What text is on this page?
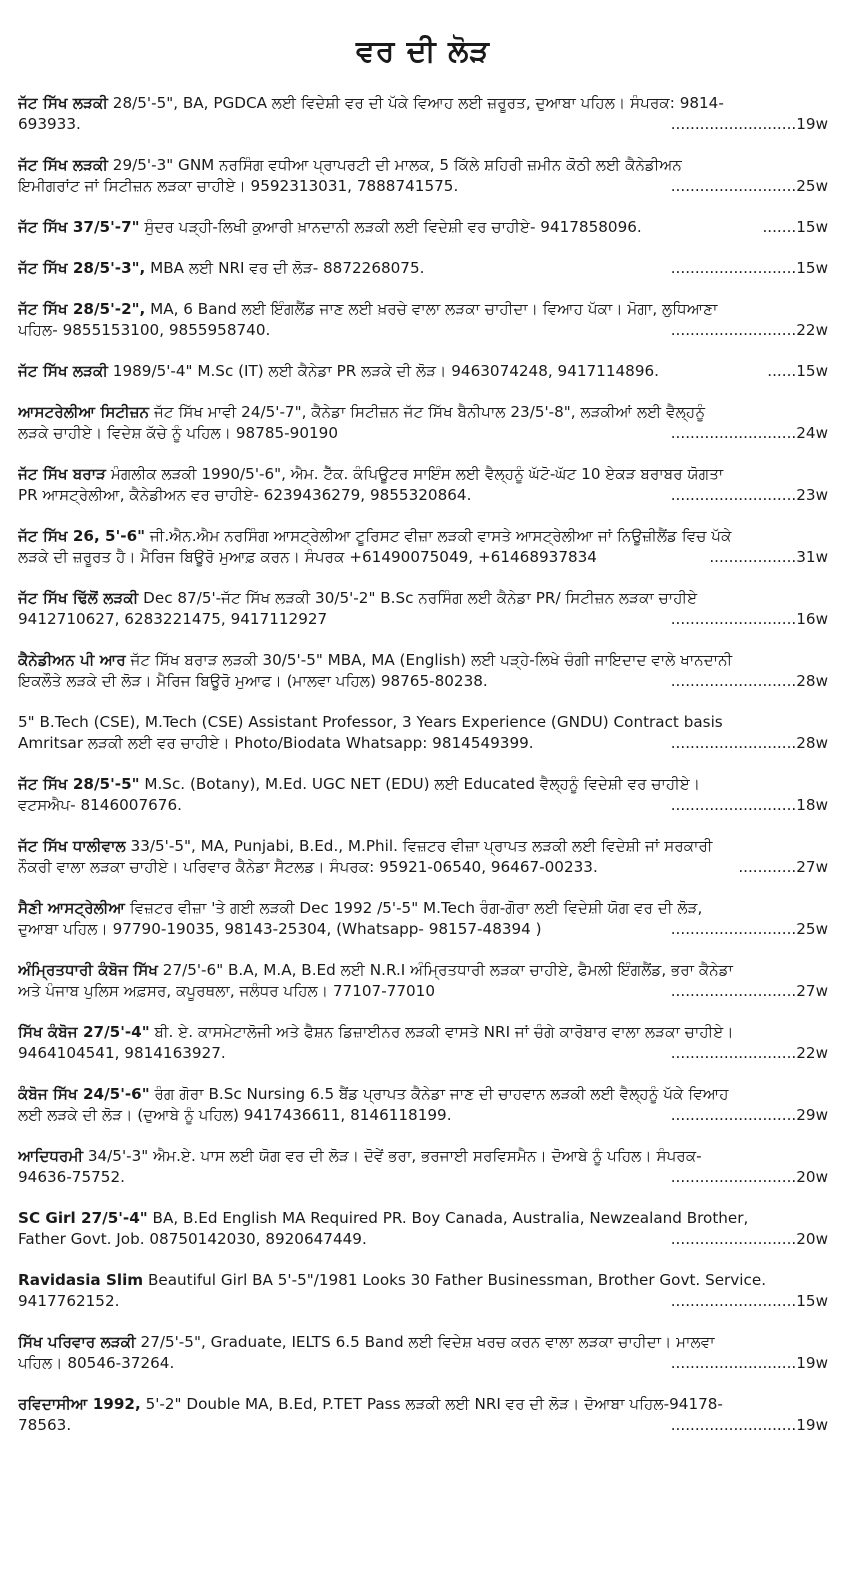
ਵਰ ਦੀ ਲੋੜ
ਜੱਟ ਸਿੱਖ ਲੜਕੀ 28/5'-5", BA, PGDCA ਲਈ ਵਿਦੇਸ਼ੀ ਵਰ ਦੀ ਪੱਕੇ ਵਿਆਹ ਲਈ ਜ਼ਰੂਰਤ, ਦੁਆਬਾ ਪਹਿਲ। ਸੰਪਰਕ: 9814-
693933.	..........................19w
ਜੱਟ ਸਿੱਖ ਲੜਕੀ 29/5'-3" GNM ਨਰਸਿੰਗ ਵਧੀਆ ਪ੍ਰਾਪਰਟੀ ਦੀ ਮਾਲਕ, 5 ਕਿੱਲੇ ਸ਼ਹਿਰੀ ਜ਼ਮੀਨ ਕੋਠੀ ਲਈ ਕੈਨੇਡੀਅਨ
ਇਮੀਗਰਾਂਟ ਜਾਂ ਸਿਟੀਜ਼ਨ ਲੜਕਾ ਚਾਹੀਏ। 9592313031, 7888741575.	..........................25w
ਜੱਟ ਸਿੱਖ 37/5'-7" ਸੁੰਦਰ ਪੜ੍ਹੀ-ਲਿਖੀ ਕੁਆਰੀ ਖ਼ਾਨਦਾਨੀ ਲੜਕੀ ਲਈ ਵਿਦੇਸ਼ੀ ਵਰ ਚਾਹੀਏ- 9417858096.	.......15w
ਜੱਟ ਸਿੱਖ 28/5'-3", MBA ਲਈ NRI ਵਰ ਦੀ ਲੋੜ- 8872268075.	..........................15w
ਜੱਟ ਸਿੱਖ 28/5'-2", MA, 6 Band ਲਈ ਇੰਗਲੈਂਡ ਜਾਣ ਲਈ ਖ਼ਰਚੇ ਵਾਲਾ ਲੜਕਾ ਚਾਹੀਦਾ। ਵਿਆਹ ਪੱਕਾ। ਮੋਗਾ, ਲੁਧਿਆਣਾ
ਪਹਿਲ- 9855153100, 9855958740.	..........................22w
ਜੱਟ ਸਿੱਖ ਲੜਕੀ 1989/5'-4" M.Sc (IT) ਲਈ ਕੈਨੇਡਾ PR ਲੜਕੇ ਦੀ ਲੋੜ। 9463074248, 9417114896.	......15w
ਆਸਟਰੇਲੀਆ ਸਿਟੀਜ਼ਨ ਜੱਟ ਸਿੱਖ ਮਾਵੀ 24/5'-7", ਕੈਨੇਡਾ ਸਿਟੀਜ਼ਨ ਜੱਟ ਸਿੱਖ ਬੈਨੀਪਾਲ 23/5'-8", ਲੜਕੀਆਂ ਲਈ ਵੈਲ੍ਹਨੂੰ
ਲੜਕੇ ਚਾਹੀਏ। ਵਿਦੇਸ਼ ਕੱਚੇ ਨੂੰ ਪਹਿਲ। 98785-90190	..........................24w
ਜੱਟ ਸਿੱਖ ਬਰਾੜ ਮੰਗਲੀਕ ਲੜਕੀ 1990/5'-6", ਐਮ. ਟੈੱਕ. ਕੰਪਿਊਟਰ ਸਾਇੰਸ ਲਈ ਵੈਲ੍ਹਨੂੰ ਘੱਟੋ-ਘੱਟ 10 ਏਕੜ ਬਰਾਬਰ ਯੋਗਤਾ
PR ਆਸਟ੍ਰੇਲੀਆ, ਕੈਨੇਡੀਅਨ ਵਰ ਚਾਹੀਏ- 6239436279, 9855320864.	..........................23w
ਜੱਟ ਸਿੱਖ 26, 5'-6" ਜੀ.ਐਨ.ਐਮ ਨਰਸਿੰਗ ਆਸਟ੍ਰੇਲੀਆ ਟੂਰਿਸਟ ਵੀਜ਼ਾ ਲੜਕੀ ਵਾਸਤੇ ਆਸਟ੍ਰੇਲੀਆ ਜਾਂ ਨਿਊਜ਼ੀਲੈਂਡ ਵਿਚ ਪੱਕੇ
ਲੜਕੇ ਦੀ ਜ਼ਰੂਰਤ ਹੈ। ਮੈਰਿਜ ਬਿਊਰੋ ਮੁਆਫ਼ ਕਰਨ। ਸੰਪਰਕ +61490075049, +61468937834	..................31w
ਜੱਟ ਸਿੱਖ ਢਿੱਲੋਂ ਲੜਕੀ Dec 87/5'-ਜੱਟ ਸਿੱਖ ਲੜਕੀ 30/5'-2" B.Sc ਨਰਸਿੰਗ ਲਈ ਕੈਨੇਡਾ PR/ ਸਿਟੀਜ਼ਨ ਲੜਕਾ ਚਾਹੀਏ
9412710627, 6283221475, 9417112927	..........................16w
ਕੈਨੇਡੀਅਨ ਪੀ ਆਰ ਜੱਟ ਸਿੱਖ ਬਰਾੜ ਲੜਕੀ 30/5'-5" MBA, MA (English) ਲਈ ਪੜ੍ਹੇ-ਲਿਖੇ ਚੰਗੀ ਜਾਇਦਾਦ ਵਾਲੇ ਖਾਨਦਾਨੀ
ਇਕਲੌਤੇ ਲੜਕੇ ਦੀ ਲੋੜ। ਮੈਰਿਜ ਬਿਊਰੋ ਮੁਆਫ। (ਮਾਲਵਾ ਪਹਿਲ) 98765-80238.	..........................28w
5" B.Tech (CSE), M.Tech (CSE) Assistant Professor, 3 Years Experience (GNDU) Contract basis
Amritsar ਲੜਕੀ ਲਈ ਵਰ ਚਾਹੀਏ। Photo/Biodata Whatsapp: 9814549399.	..........................28w
ਜੱਟ ਸਿੱਖ 28/5'-5" M.Sc. (Botany), M.Ed. UGC NET (EDU) ਲਈ Educated ਵੈਲ੍ਹਨੂੰ ਵਿਦੇਸ਼ੀ ਵਰ ਚਾਹੀਏ।
ਵਟਸਐਪ- 8146007676.	..........................18w
ਜੱਟ ਸਿੱਖ ਧਾਲੀਵਾਲ 33/5'-5", MA, Punjabi, B.Ed., M.Phil. ਵਿਜ਼ਟਰ ਵੀਜ਼ਾ ਪ੍ਰਾਪਤ ਲੜਕੀ ਲਈ ਵਿਦੇਸ਼ੀ ਜਾਂ ਸਰਕਾਰੀ
ਨੌਕਰੀ ਵਾਲਾ ਲੜਕਾ ਚਾਹੀਏ। ਪਰਿਵਾਰ ਕੈਨੇਡਾ ਸੈਟਲਡ। ਸੰਪਰਕ: 95921-06540, 96467-00233.	............27w
ਸੈਣੀ ਆਸਟ੍ਰੇਲੀਆ ਵਿਜ਼ਟਰ ਵੀਜ਼ਾ 'ਤੇ ਗਈ ਲੜਕੀ Dec 1992 /5'-5" M.Tech ਰੰਗ-ਗੋਰਾ ਲਈ ਵਿਦੇਸ਼ੀ ਯੋਗ ਵਰ ਦੀ ਲੋੜ,
ਦੁਆਬਾ ਪਹਿਲ। 97790-19035, 98143-25304, (Whatsapp- 98157-48394 )	..........................25w
ਅੰਮ੍ਰਿਤਧਾਰੀ ਕੰਬੋਜ ਸਿੱਖ 27/5'-6" B.A, M.A, B.Ed ਲਈ N.R.I ਅੰਮ੍ਰਿਤਧਾਰੀ ਲੜਕਾ ਚਾਹੀਏ, ਫੈਮਲੀ ਇੰਗਲੈਂਡ, ਭਰਾ ਕੈਨੇਡਾ
ਅਤੇ ਪੰਜਾਬ ਪੁਲਿਸ ਅਫ਼ਸਰ, ਕਪੂਰਥਲਾ, ਜਲੰਧਰ ਪਹਿਲ। 77107-77010	..........................27w
ਸਿੱਖ ਕੰਬੋਜ 27/5'-4" ਬੀ. ਏ. ਕਾਸਮੇਟਾਲੋਜੀ ਅਤੇ ਫੈਸ਼ਨ ਡਿਜ਼ਾਈਨਰ ਲੜਕੀ ਵਾਸਤੇ NRI ਜਾਂ ਚੰਗੇ ਕਾਰੋਬਾਰ ਵਾਲਾ ਲੜਕਾ ਚਾਹੀਏ।
9464104541, 9814163927.	..........................22w
ਕੰਬੋਜ ਸਿੱਖ 24/5'-6" ਰੰਗ ਗੋਰਾ B.Sc Nursing 6.5 ਬੈਂਡ ਪ੍ਰਾਪਤ ਕੈਨੇਡਾ ਜਾਣ ਦੀ ਚਾਹਵਾਨ ਲੜਕੀ ਲਈ ਵੈਲ੍ਹਨੂੰ ਪੱਕੇ ਵਿਆਹ
ਲਈ ਲੜਕੇ ਦੀ ਲੋੜ। (ਦੁਆਬੇ ਨੂੰ ਪਹਿਲ) 9417436611, 8146118199.	..........................29w
ਆਦਿਧਰਮੀ 34/5'-3" ਐਮ.ਏ. ਪਾਸ ਲਈ ਯੋਗ ਵਰ ਦੀ ਲੋੜ। ਦੋਵੇਂ ਭਰਾ, ਭਰਜਾਈ ਸਰਵਿਸਮੈਨ। ਦੋਆਬੇ ਨੂੰ ਪਹਿਲ। ਸੰਪਰਕ-
94636-75752.	..........................20w
SC Girl 27/5'-4" BA, B.Ed English MA Required PR. Boy Canada, Australia, Newzealand Brother,
Father Govt. Job. 08750142030, 8920647449.	..........................20w
Ravidasia Slim Beautiful Girl BA 5'-5"/1981 Looks 30 Father Businessman, Brother Govt. Service.
9417762152.	..........................15w
ਸਿੱਖ ਪਰਿਵਾਰ ਲੜਕੀ 27/5'-5", Graduate, IELTS 6.5 Band ਲਈ ਵਿਦੇਸ਼ ਖਰਚ ਕਰਨ ਵਾਲਾ ਲੜਕਾ ਚਾਹੀਦਾ। ਮਾਲਵਾ
ਪਹਿਲ। 80546-37264.	..........................19w
ਰਵਿਦਾਸੀਆ 1992, 5'-2" Double MA, B.Ed, P.TET Pass ਲੜਕੀ ਲਈ NRI ਵਰ ਦੀ ਲੋੜ। ਦੋਆਬਾ ਪਹਿਲ-94178-
78563.	..........................19w
